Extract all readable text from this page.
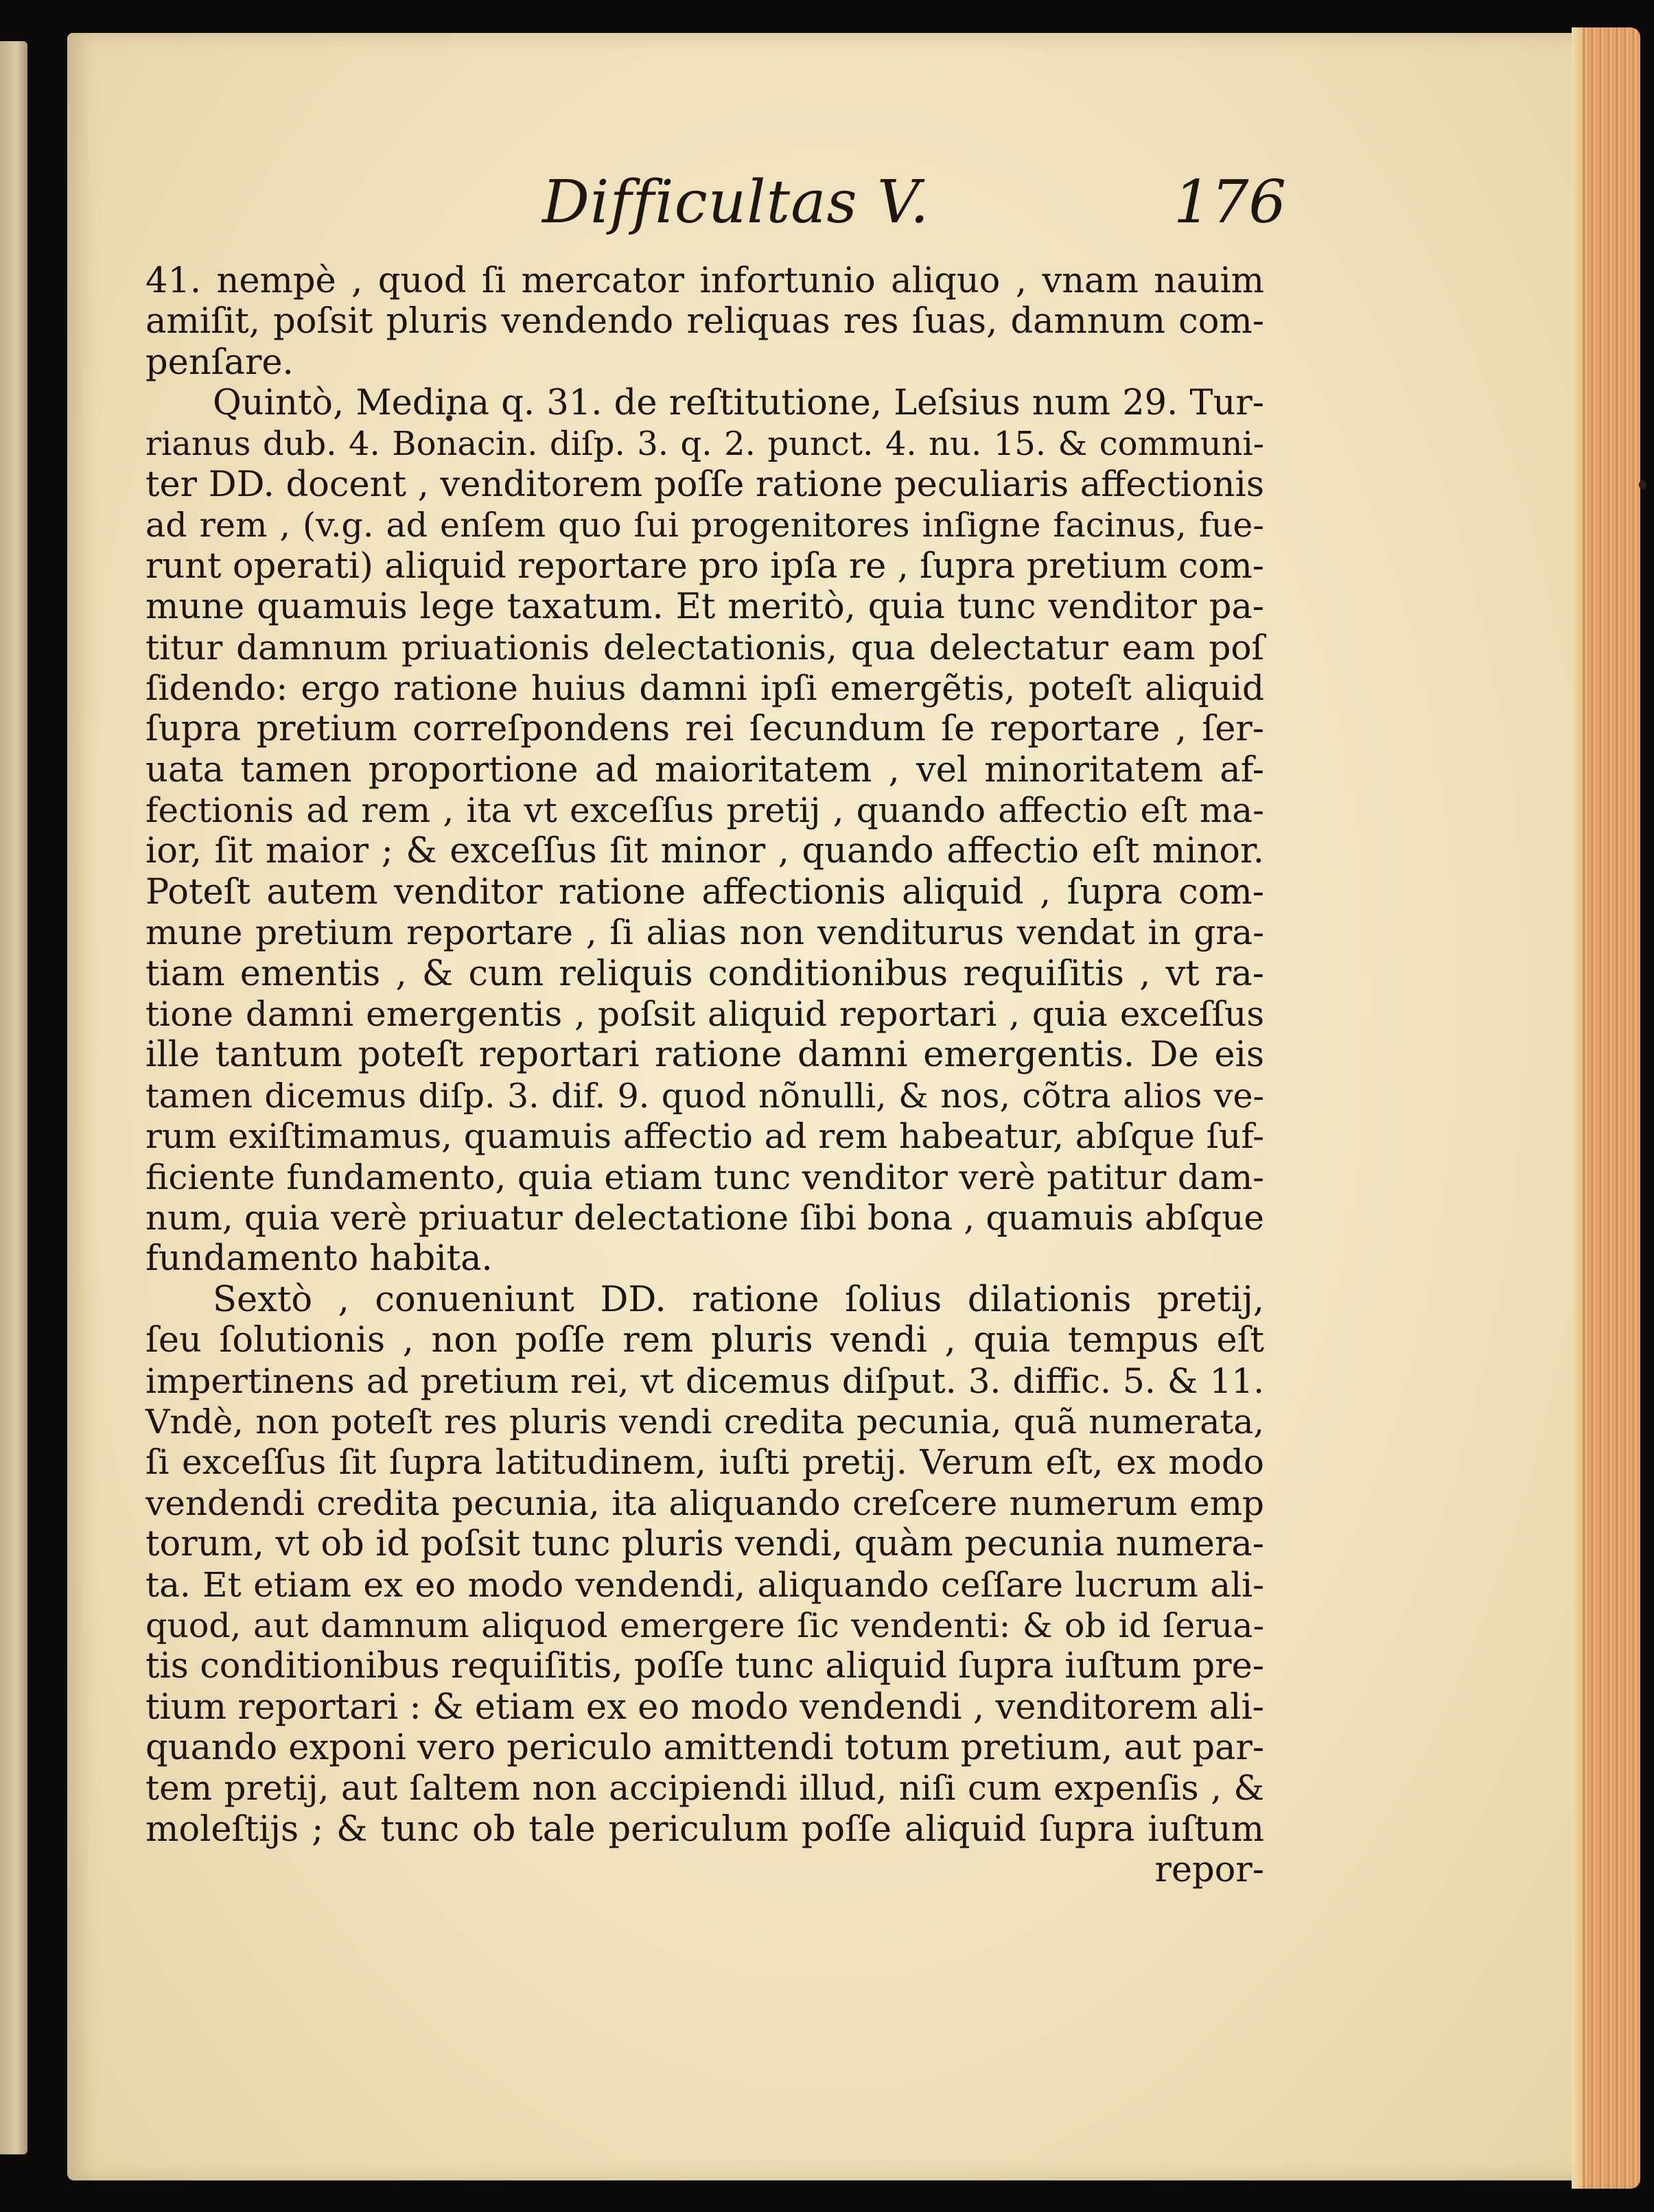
Difficultas V.	176
41. nempè , quod ſi mercator infortunio aliquo , vnam nauim
amiſit, poſsit pluris vendendo reliquas res ſuas, damnum com-
penſare.
Quintò, Medina q. 31. de reſtitutione, Leſsius num 29. Tur-
rianus dub. 4. Bonacin. diſp. 3. q. 2. punct. 4. nu. 15. & communi-
ter DD. docent , venditorem poſſe ratione peculiaris affectionis
ad rem , (v.g. ad enſem quo ſui progenitores inſigne facinus, fue-
runt operati) aliquid reportare pro ipſa re , ſupra pretium com-
mune quamuis lege taxatum. Et meritò, quia tunc venditor pa-
titur damnum priuationis delectationis, qua delectatur eam poſ
ſidendo: ergo ratione huius damni ipſi emergẽtis, poteſt aliquid
ſupra pretium correſpondens rei ſecundum ſe reportare , ſer-
uata tamen proportione ad maioritatem , vel minoritatem af-
fectionis ad rem , ita vt exceſſus pretij , quando affectio eſt ma-
ior, ſit maior ; & exceſſus ſit minor , quando affectio eſt minor.
Poteſt autem venditor ratione affectionis aliquid , ſupra com-
mune pretium reportare , ſi alias non venditurus vendat in gra-
tiam ementis , & cum reliquis conditionibus requiſitis , vt ra-
tione damni emergentis , poſsit aliquid reportari , quia exceſſus
ille tantum poteſt reportari ratione damni emergentis. De eis
tamen dicemus diſp. 3. dif. 9. quod nõnulli, & nos, cõtra alios ve-
rum exiſtimamus, quamuis affectio ad rem habeatur, abſque ſuf-
ficiente fundamento, quia etiam tunc venditor verè patitur dam-
num, quia verè priuatur delectatione ſibi bona , quamuis abſque
fundamento habita.
Sextò , conueniunt DD. ratione ſolius dilationis pretij,
ſeu ſolutionis , non poſſe rem pluris vendi , quia tempus eſt
impertinens ad pretium rei, vt dicemus diſput. 3. diffic. 5. & 11.
Vndè, non poteſt res pluris vendi credita pecunia, quã numerata,
ſi exceſſus ſit ſupra latitudinem, iuſti pretij. Verum eſt, ex modo
vendendi credita pecunia, ita aliquando creſcere numerum emp
torum, vt ob id poſsit tunc pluris vendi, quàm pecunia numera-
ta. Et etiam ex eo modo vendendi, aliquando ceſſare lucrum ali-
quod, aut damnum aliquod emergere ſic vendenti: & ob id ſerua-
tis conditionibus requiſitis, poſſe tunc aliquid ſupra iuſtum pre-
tium reportari : & etiam ex eo modo vendendi , venditorem ali-
quando exponi vero periculo amittendi totum pretium, aut par-
tem pretij, aut ſaltem non accipiendi illud, niſi cum expenſis , &
moleſtijs ; & tunc ob tale periculum poſſe aliquid ſupra iuſtum
repor-
